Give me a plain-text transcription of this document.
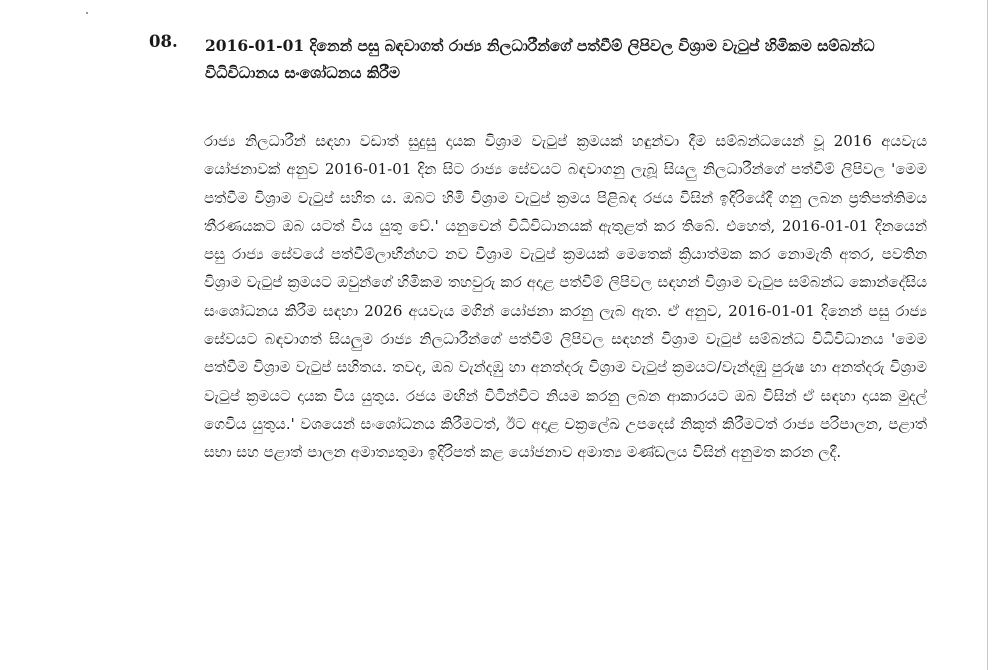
08. 2016-01-01 දිනෙන් පසු බඳවාගත් රාජ්‍ය නිලධාරීන්ගේ පත්වීම් ලිපිවල විශ්‍රාම වැටුප් හිමිකම සම්බන්ධ විධිවිධානය සංශෝධනය කිරීම

රාජ්‍ය නිලධාරීන් සඳහා වඩාත් සුදුසු දායක විශ්‍රාම වැටුප් ක්‍රමයක් හඳුන්වා දීම සම්බන්ධයෙන් වූ 2016 අයවැය යෝජනාවක් අනුව 2016-01-01 දින සිට රාජ්‍ය සේවයට බඳවාගනු ලැබූ සියලු නිලධාරීන්ගේ පත්වීම් ලිපිවල 'මෙම පත්වීම විශ්‍රාම වැටුප් සහිත ය. ඔබට හිමි විශ්‍රාම වැටුප් ක්‍රමය පිළිබඳ රජය විසින් ඉදිරියේදී ගනු ලබන ප්‍රතිපත්තිමය තීරණයකට ඔබ යටත් විය යුතු වේ.' යනුවෙන් විධිවිධානයක් ඇතුළත් කර තිබේ. එහෙත්, 2016-01-01 දිනයෙන් පසු රාජ්‍ය සේවයේ පත්වීම්ලාභීන්හට නව විශ්‍රාම වැටුප් ක්‍රමයක් මෙතෙක් ක්‍රියාත්මක කර නොමැති අතර, පවතින විශ්‍රාම වැටුප් ක්‍රමයට ඔවුන්ගේ හිමිකම තහවුරු කර අදාළ පත්වීම් ලිපිවල සඳහන් විශ්‍රාම වැටුප සම්බන්ධ කොන්දේසිය සංශෝධනය කිරීම සඳහා 2026 අයවැය මගින් යෝජනා කරනු ලැබ ඇත. ඒ අනුව, 2016-01-01 දිනෙන් පසු රාජ්‍ය සේවයට බඳවාගත් සියලුම රාජ්‍ය නිලධාරීන්ගේ පත්වීම් ලිපිවල සඳහන් විශ්‍රාම වැටුප් සම්බන්ධ විධිවිධානය 'මෙම පත්වීම විශ්‍රාම වැටුප් සහිතය. තවද, ඔබ වැන්දඹු හා අනත්දරු විශ්‍රාම වැටුප් ක්‍රමයට/වැන්දඹු පුරුෂ හා අනත්දරු විශ්‍රාම වැටුප් ක්‍රමයට දායක විය යුතුය. රජය මඟින් විටින්විට නියම කරනු ලබන ආකාරයට ඔබ විසින් ඒ සඳහා දායක මුදල් ගෙවිය යුතුය.' වශයෙන් සංශෝධනය කිරීමටත්, ඊට අදාළ චක්‍රලේඛ උපදෙස් නිකුත් කිරීමටත් රාජ්‍ය පරිපාලන, පළාත් සභා සහ පළාත් පාලන අමාත්‍යතුමා ඉදිරිපත් කළ යෝජනාව අමාත්‍ය මණ්ඩලය විසින් අනුමත කරන ලදී.
